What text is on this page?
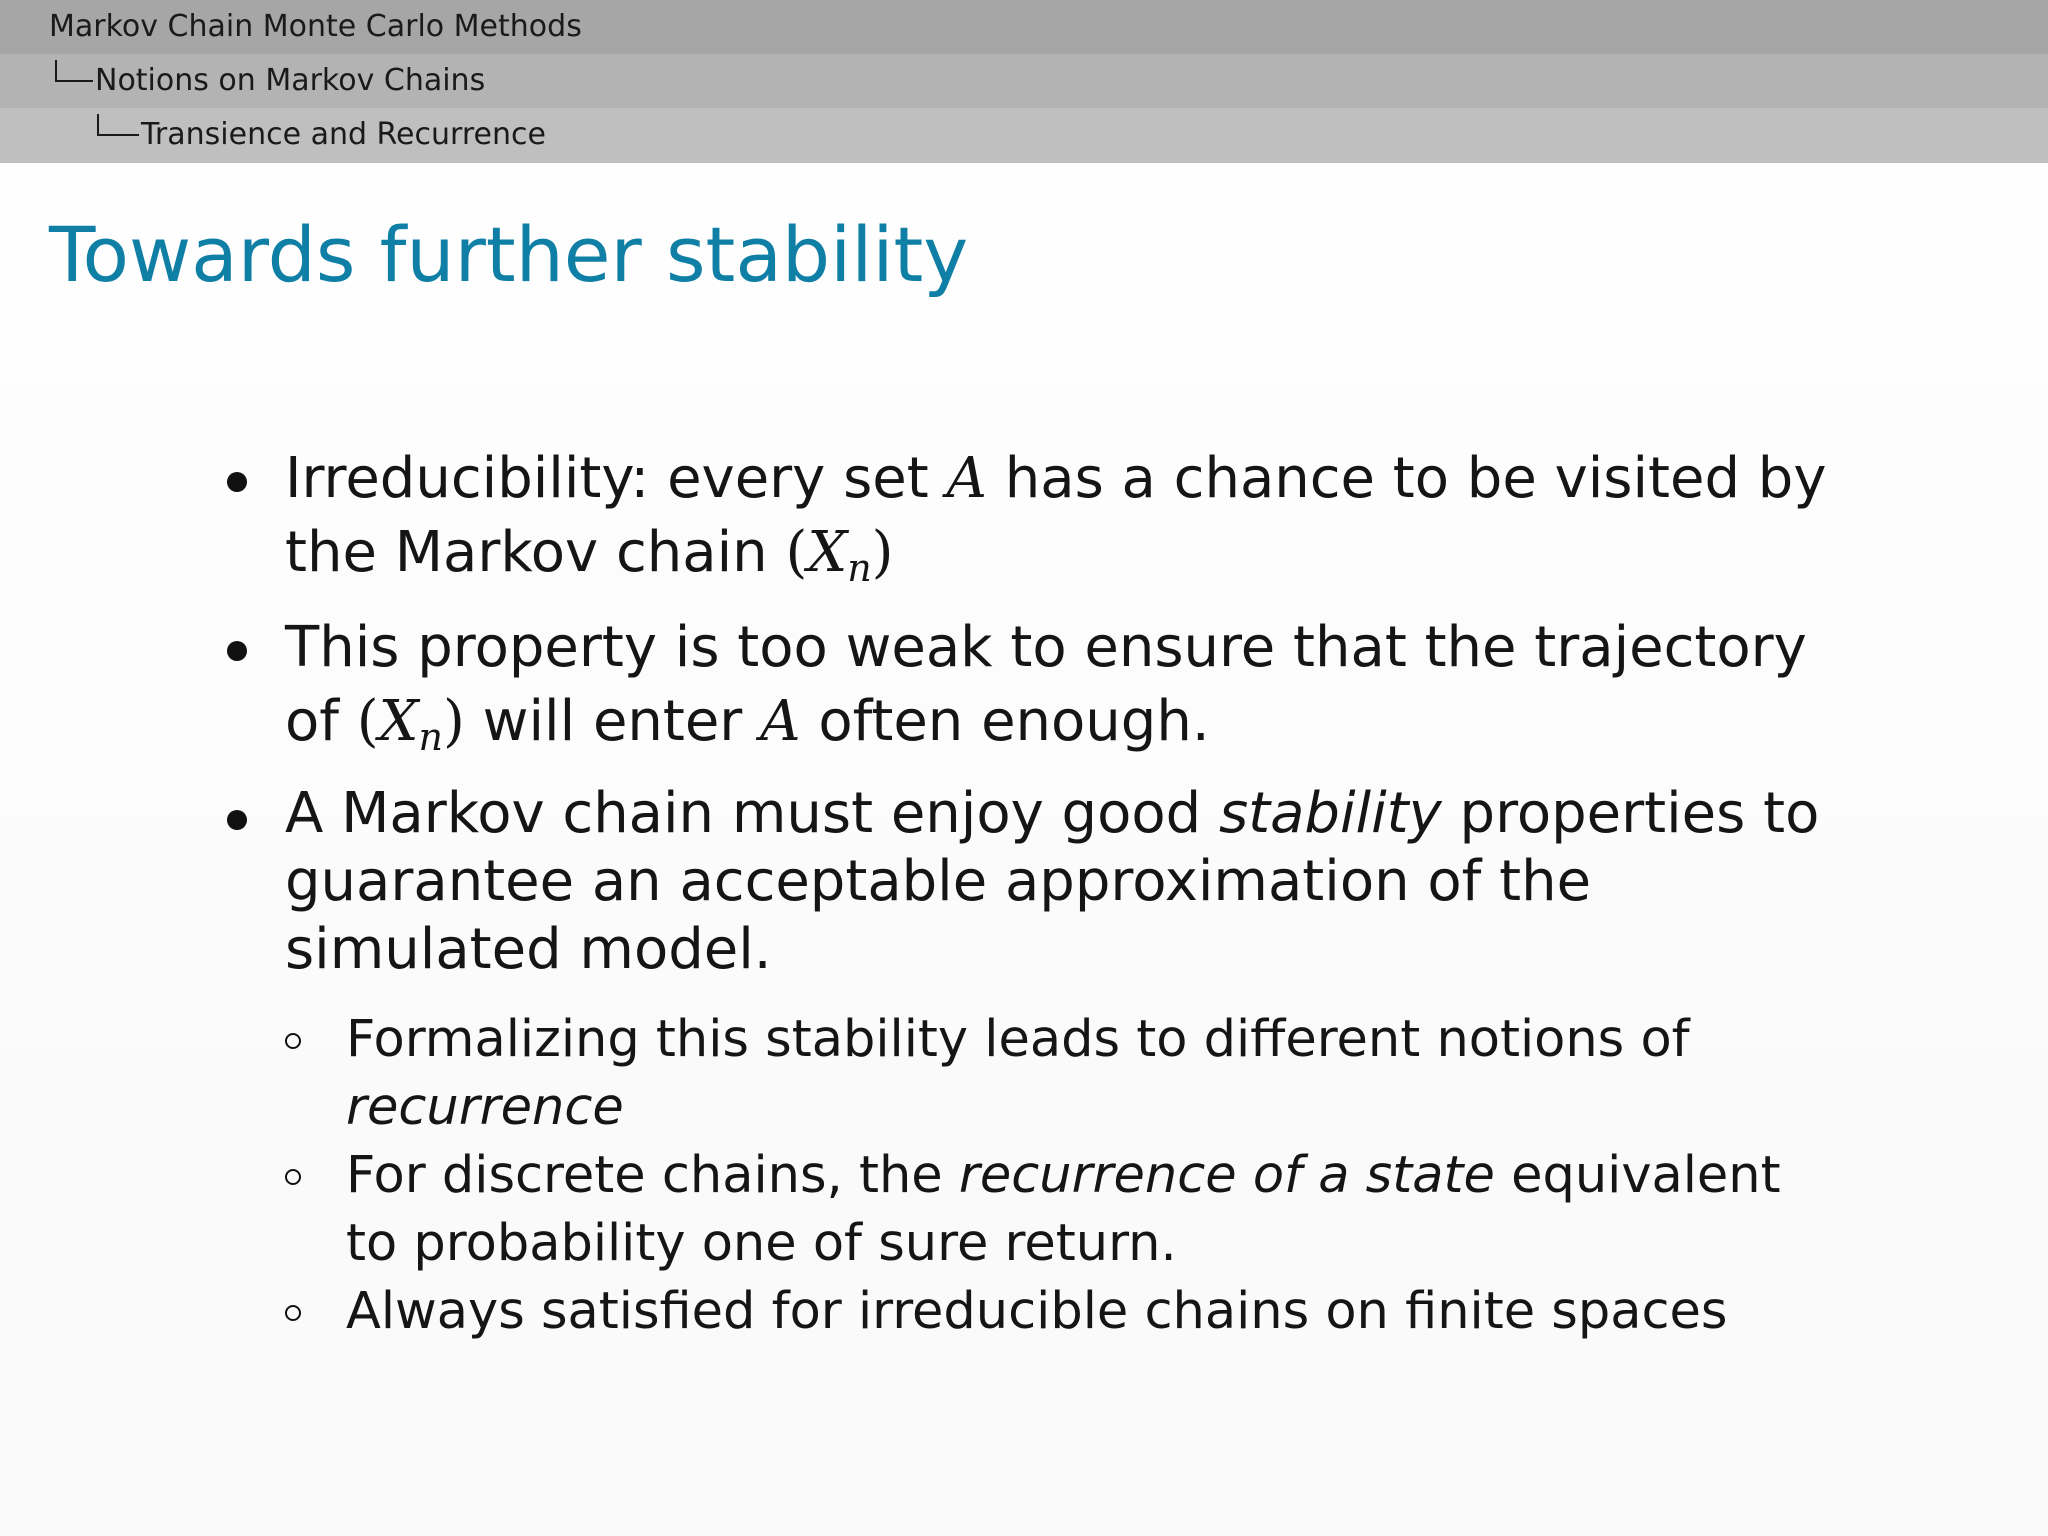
Markov Chain Monte Carlo Methods
Notions on Markov Chains
Transience and Recurrence
Towards further stability
Irreducibility: every set A has a chance to be visited by the Markov chain $(X_n)$
This property is too weak to ensure that the trajectory of $(X_n)$ will enter A often enough.
A Markov chain must enjoy good stability properties to guarantee an acceptable approximation of the simulated model.
Formalizing this stability leads to different notions of recurrence
For discrete chains, the recurrence of a state equivalent to probability one of sure return.
Always satisfied for irreducible chains on finite spaces
